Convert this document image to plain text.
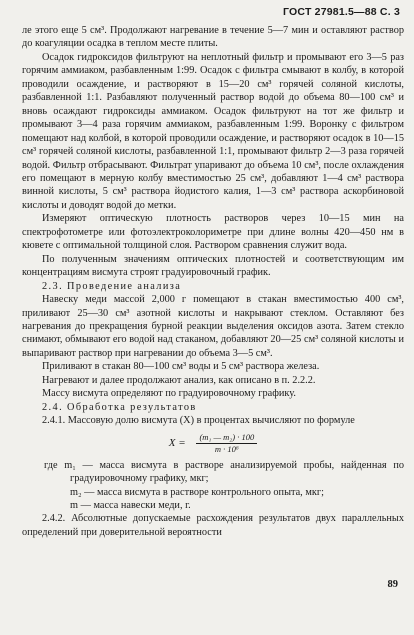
ГОСТ 27981.5—88 С. 3

ле этого еще 5 см³. Продолжают нагревание в течение 5—7 мин и оставляют раствор до коагуляции осадка в теплом месте плиты.

Осадок гидроксидов фильтруют на неплотный фильтр и промывают его 3—5 раз горячим аммиаком, разбавленным 1:99. Осадок с фильтра смывают в колбу, в которой проводили осаждение, и растворяют в 15—20 см³ горячей соляной кислоты, разбавленной 1:1. Разбавляют полученный раствор водой до объема 80—100 см³ и вновь осаждают гидроксиды аммиаком. Осадок фильтруют на тот же фильтр и промывают 3—4 раза горячим аммиаком, разбавленным 1:99. Воронку с фильтром помещают над колбой, в которой проводили осаждение, и растворяют осадок в 10—15 см³ горячей соляной кислоты, разбавленной 1:1, промывают фильтр 2—3 раза горячей водой. Фильтр отбрасывают. Фильтрат упаривают до объема 10 см³, после охлаждения его помещают в мерную колбу вместимостью 25 см³, добавляют 1—4 см³ раствора винной кислоты, 5 см³ раствора йодистого калия, 1—3 см³ раствора аскорбиновой кислоты и доводят водой до метки.

Измеряют оптическую плотность растворов через 10—15 мин на спектрофотометре или фотоэлектроколориметре при длине волны 420—450 нм в кювете с оптимальной толщиной слоя. Раствором сравнения служит вода.

По полученным значениям оптических плотностей и соответствующим им концентрациям висмута строят градуировочный график.

2.3. Проведение анализа

Навеску меди массой 2,000 г помещают в стакан вместимостью 400 см³, приливают 25—30 см³ азотной кислоты и накрывают стеклом. Оставляют без нагревания до прекращения бурной реакции выделения оксидов азота. Затем стекло снимают, обмывают его водой над стаканом, добавляют 20—25 см³ соляной кислоты и выпаривают раствор при нагревании до объема 3—5 см³.

Приливают в стакан 80—100 см³ воды и 5 см³ раствора железа.

Нагревают и далее продолжают анализ, как описано в п. 2.2.2.

Массу висмута определяют по градуировочному графику.

2.4. Обработка результатов

2.4.1. Массовую долю висмута (X) в процентах вычисляют по формуле

$X = \frac{\text{(m₁ — m₂) · 100}}{\text{m · 10⁶}}$

где m₁ — масса висмута в растворе анализируемой пробы, найденная по градуировочному графику, мкг;

m₂ — масса висмута в растворе контрольного опыта, мкг;

m — масса навески меди, г.

2.4.2. Абсолютные допускаемые расхождения результатов двух параллельных определений при доверительной вероятности

89
